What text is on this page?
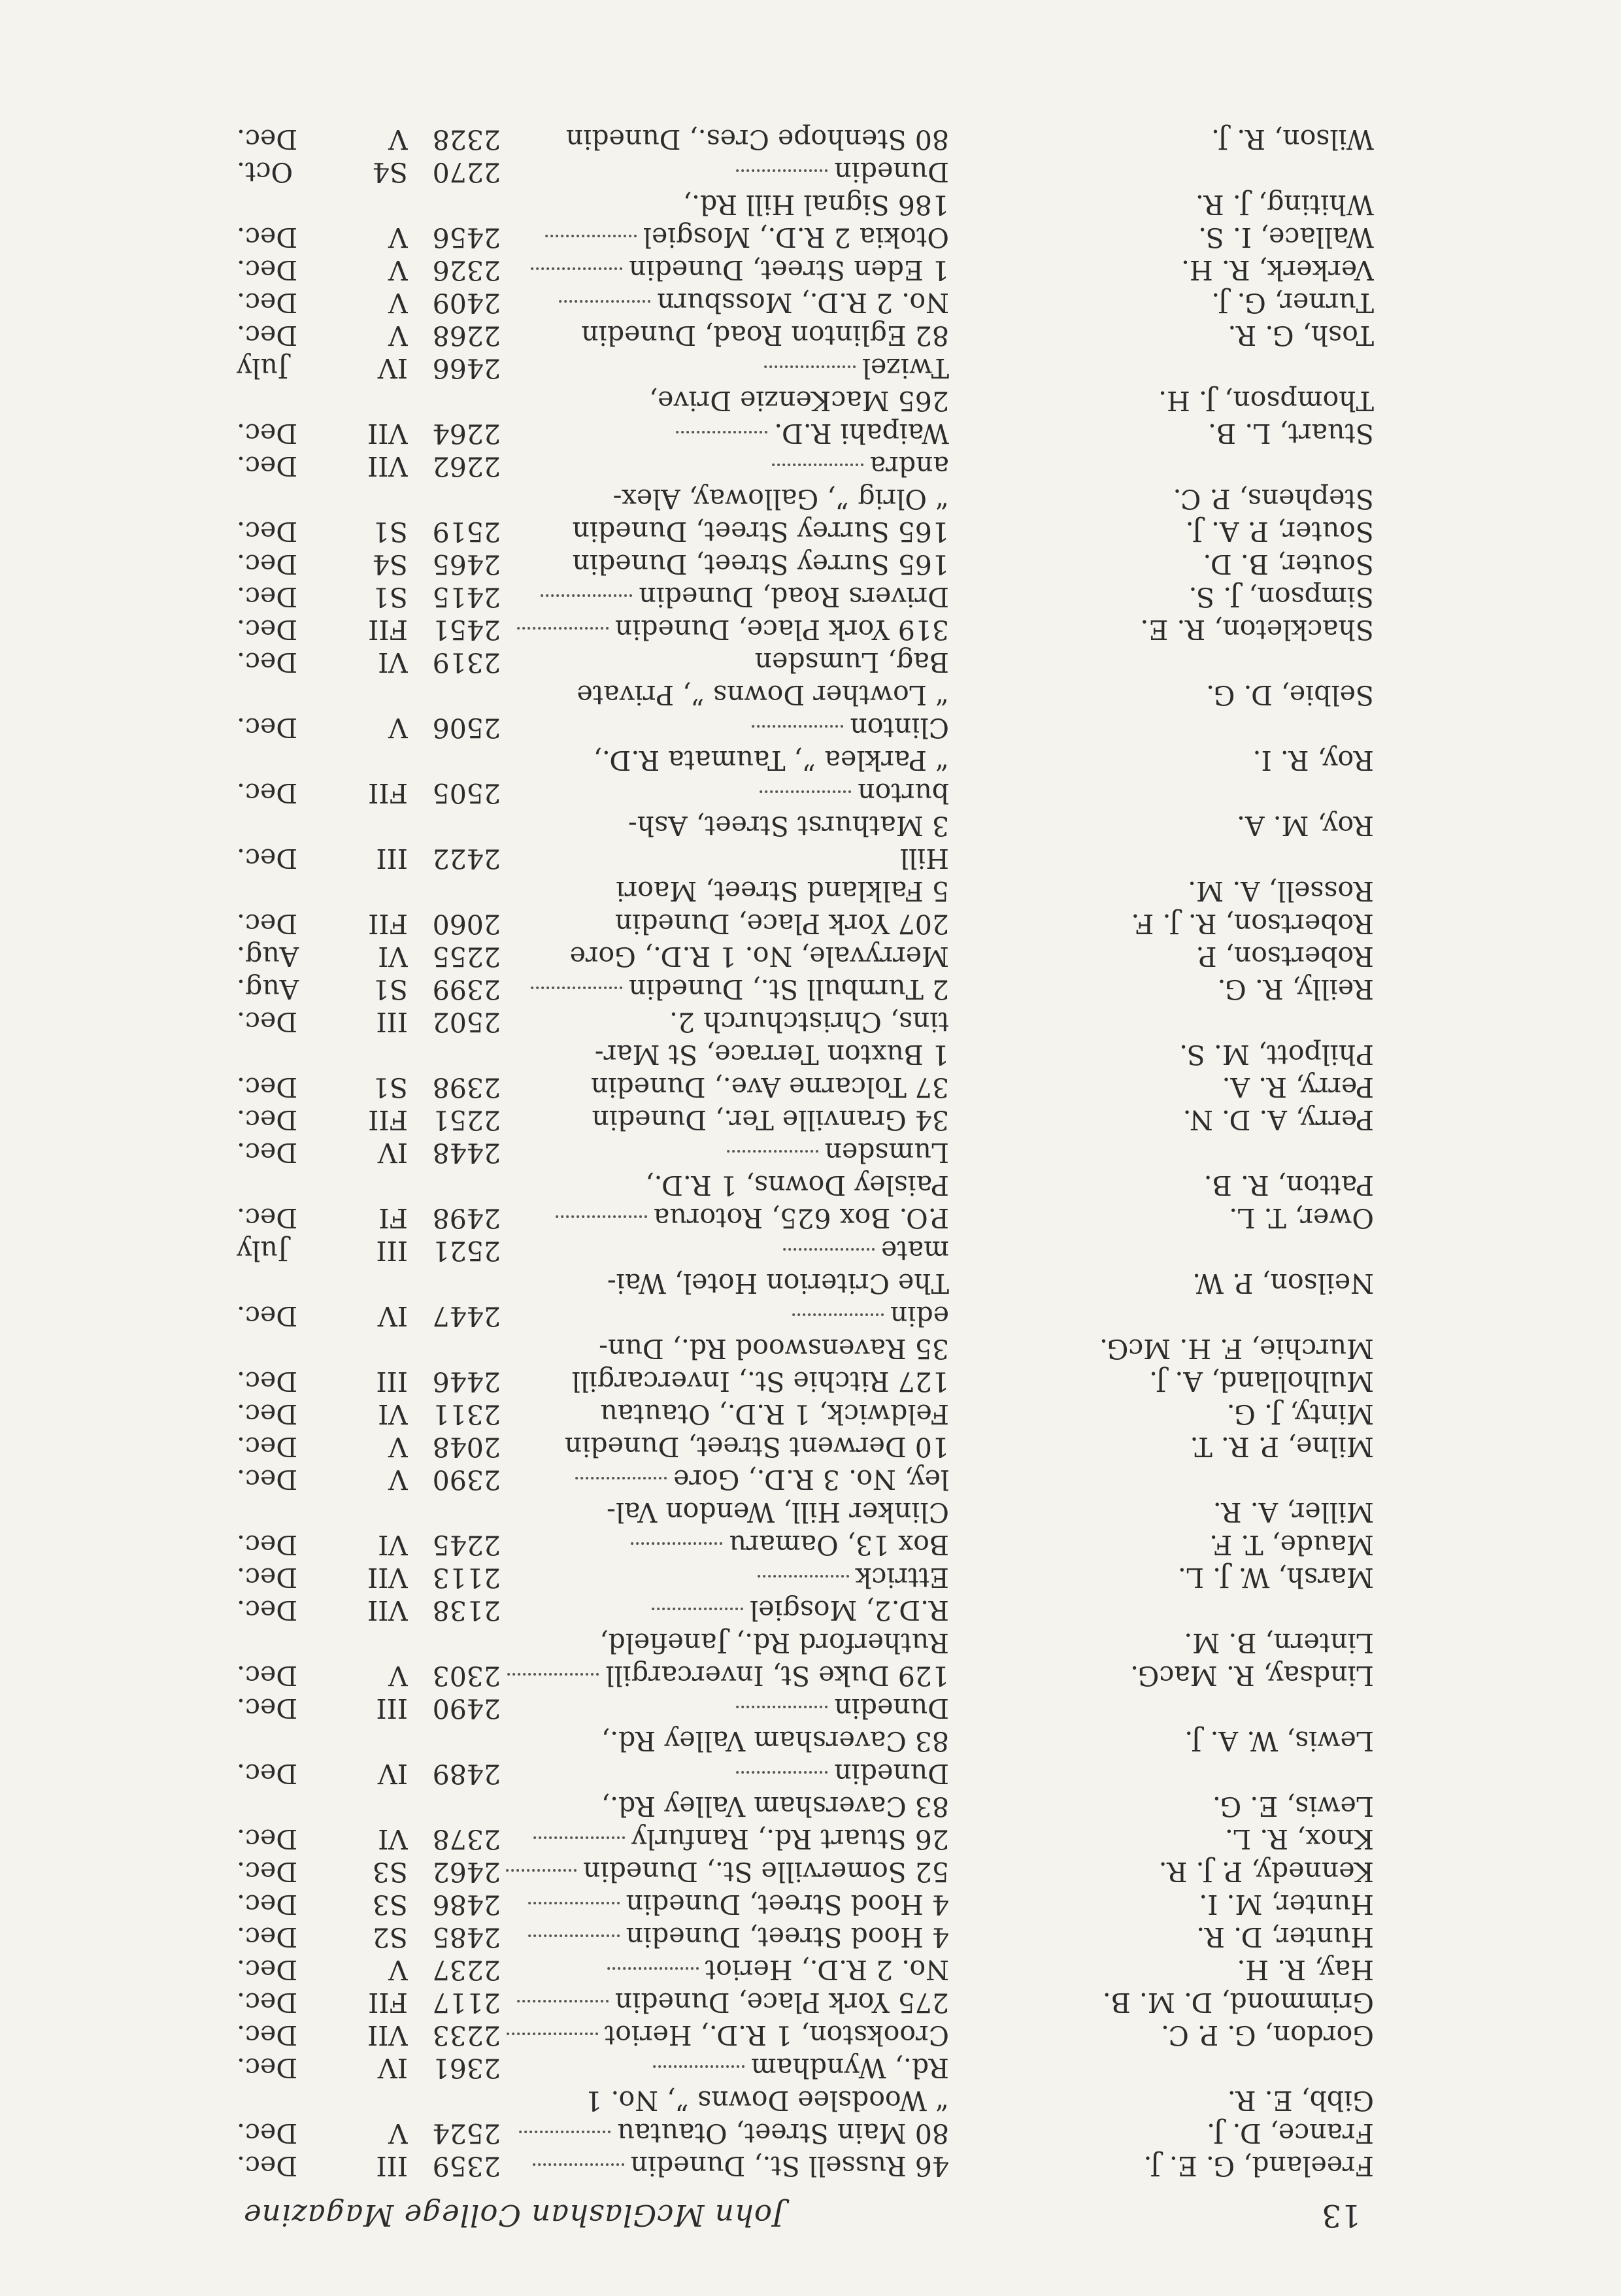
13
John McGlashan College Magazine
Freeland, G. E. J.
46 Russell St., Dunedin
2359
III
Dec.
France, D. J.
80 Main Street, Otautau
2524
V
Dec.
Gibb, E. R.
“ Woodslee Downs ”, No. 1
Rd., Wyndham
2361
IV
Dec.
Gordon, G. P. C.
Crookston, 1 R.D., Heriot
2233
VII
Dec.
Grimmond, D. M. B.
275 York Place, Dunedin
2117
FII
Dec.
Hay, R. H.
No. 2 R.D., Heriot
2237
V
Dec.
Hunter, D. R.
4 Hood Street, Dunedin
2485
S2
Dec.
Hunter, M. I.
4 Hood Street, Dunedin
2486
S3
Dec.
Kennedy, P. J. R.
52 Somerville St., Dunedin
2462
S3
Dec.
Knox, R. L.
26 Stuart Rd., Ranfurly
2378
VI
Dec.
Lewis, E. G.
83 Caversham Valley Rd.,
Dunedin
2489
IV
Dec.
Lewis, W. A. J.
83 Caversham Valley Rd.,
Dunedin
2490
III
Dec.
Lindsay, R. MacG.
129 Duke St, Invercargill
2303
V
Dec.
Lintern, B. M.
Rutherford Rd., Janefield,
R.D.2, Mosgiel
2138
VII
Dec.
Marsh, W. J. L.
Ettrick
2113
VII
Dec.
Maude, T. F.
Box 13, Oamaru
2245
VI
Dec.
Miller, A. R.
Clinker Hill, Wendon Val-
ley, No. 3 R.D., Gore
2390
V
Dec.
Milne, P. R. T.
10 Derwent Street, Dunedin
2048
V
Dec.
Minty, J. G.
Feldwick, 1 R.D., Otautau
2311
VI
Dec.
Mulholland, A. J.
127 Ritchie St., Invercargill
2446
III
Dec.
Murchie, F. H. McG.
35 Ravenswood Rd., Dun-
edin
2447
IV
Dec.
Neilson, P. W.
The Criterion Hotel, Wai-
mate
2521
III
July
Ower, T. L.
P.O. Box 625, Rotorua
2498
FI
Dec.
Patton, R. B.
Paisley Downs, 1 R.D.,
Lumsden
2448
IV
Dec.
Perry, A. D. N.
34 Granville Ter., Dunedin
2251
FII
Dec.
Perry, R. A.
37 Tolcarne Ave., Dunedin
2398
S1
Dec.
Philpott, M. S.
1 Buxton Terrace, St Mar-
tins, Christchurch 2.
2502
III
Dec.
Reilly, R. G.
2 Turnbull St., Dunedin
2399
S1
Aug.
Robertson, P.
Merryvale, No. 1 R.D., Gore
2255
VI
Aug.
Robertson, R. J. F.
207 York Place, Dunedin
2060
FII
Dec.
Rossell, A. M.
5 Falkland Street, Maori
Hill
2422
III
Dec.
Roy, M. A.
3 Mathurst Street, Ash-
burton
2505
FII
Dec.
Roy, R. I.
“ Parklea ”, Taumata R.D.,
Clinton
2506
V
Dec.
Selbie, D. G.
“ Lowther Downs ”, Private
Bag, Lumsden
2319
VI
Dec.
Shackleton, R. E.
319 York Place, Dunedin
2451
FII
Dec.
Simpson, J. S.
Drivers Road, Dunedin
2415
S1
Dec.
Souter, B. D.
165 Surrey Street, Dunedin
2465
S4
Dec.
Souter, P. A. J.
165 Surrey Street, Dunedin
2519
S1
Dec.
Stephens, P. C.
“ Olrig ”, Galloway, Alex-
andra
2262
VII
Dec.
Stuart, L. B.
Waipahi R.D.
2264
VII
Dec.
Thompson, J. H.
265 MacKenzie Drive,
Twizel
2466
IV
July
Tosh, G. R.
82 Eglinton Road, Dunedin
2268
V
Dec.
Turner, G. J.
No. 2 R.D., Mossburn
2409
V
Dec.
Verkerk, R. H.
1 Eden Street, Dunedin
2326
V
Dec.
Wallace, I. S.
Otokia 2 R.D., Mosgiel
2456
V
Dec.
Whiting, J. R.
186 Signal Hill Rd.,
Dunedin
2270
S4
Oct.
Wilson, R. J.
80 Stenhope Cres., Dunedin
2328
V
Dec.
